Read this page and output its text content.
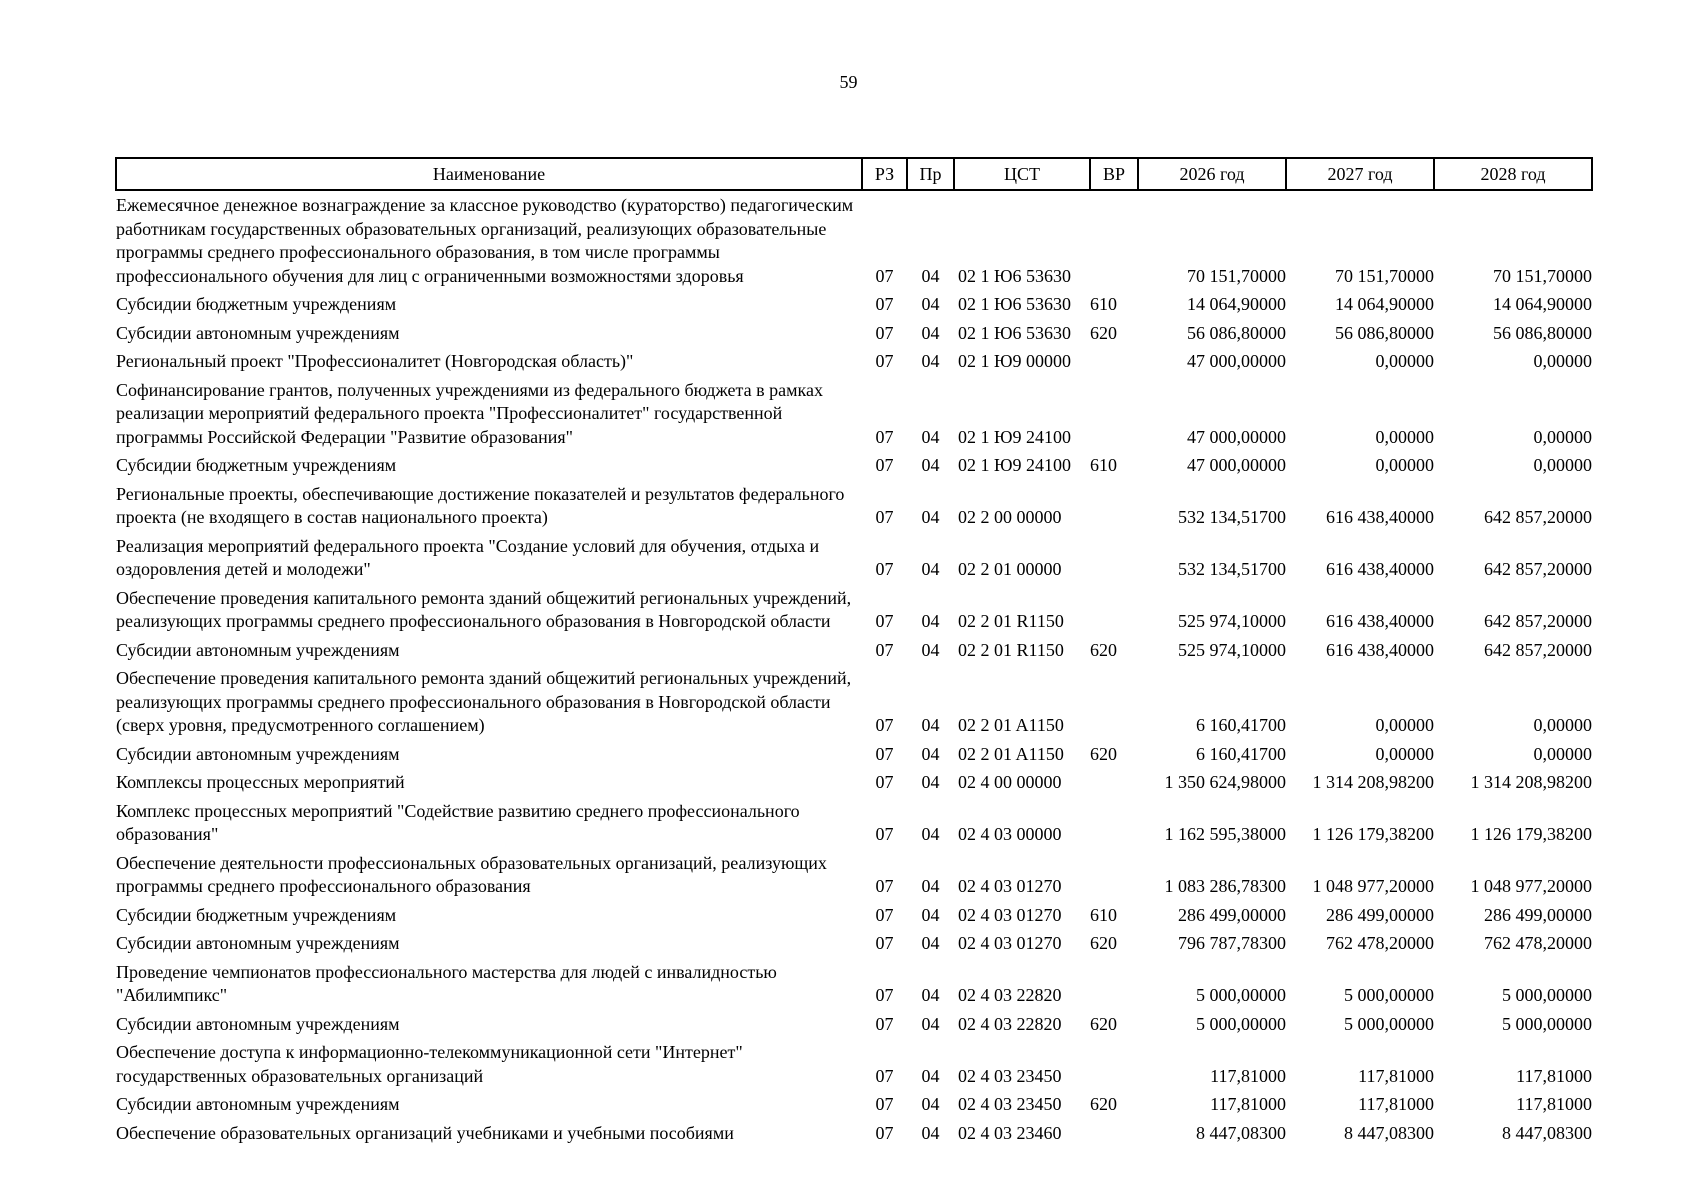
59
Наименование	РЗ	Пр	ЦСТ	ВР	2026 год	2027 год	2028 год
Ежемесячное денежное вознаграждение за классное руководство (кураторство) педагогическим работникам государственных образовательных организаций, реализующих образовательные программы среднего профессионального образования, в том числе программы профессионального обучения для лиц с ограниченными возможностями здоровья	07	04	02 1 Ю6 53630		70 151,70000	70 151,70000	70 151,70000
Субсидии бюджетным учреждениям	07	04	02 1 Ю6 53630	610	14 064,90000	14 064,90000	14 064,90000
Субсидии автономным учреждениям	07	04	02 1 Ю6 53630	620	56 086,80000	56 086,80000	56 086,80000
Региональный проект "Профессионалитет (Новгородская область)"	07	04	02 1 Ю9 00000		47 000,00000	0,00000	0,00000
Софинансирование грантов, полученных учреждениями из федерального бюджета в рамках реализации мероприятий федерального проекта "Профессионалитет" государственной программы Российской Федерации "Развитие образования"	07	04	02 1 Ю9 24100		47 000,00000	0,00000	0,00000
Субсидии бюджетным учреждениям	07	04	02 1 Ю9 24100	610	47 000,00000	0,00000	0,00000
Региональные проекты, обеспечивающие достижение показателей и результатов федерального проекта (не входящего в состав национального проекта)	07	04	02 2 00 00000		532 134,51700	616 438,40000	642 857,20000
Реализация мероприятий федерального проекта "Создание условий для обучения, отдыха и оздоровления детей и молодежи"	07	04	02 2 01 00000		532 134,51700	616 438,40000	642 857,20000
Обеспечение проведения капитального ремонта зданий общежитий региональных учреждений, реализующих программы среднего профессионального образования в Новгородской области	07	04	02 2 01 R1150		525 974,10000	616 438,40000	642 857,20000
Субсидии автономным учреждениям	07	04	02 2 01 R1150	620	525 974,10000	616 438,40000	642 857,20000
Обеспечение проведения капитального ремонта зданий общежитий региональных учреждений, реализующих программы среднего профессионального образования в Новгородской области (сверх уровня, предусмотренного соглашением)	07	04	02 2 01 A1150		6 160,41700	0,00000	0,00000
Субсидии автономным учреждениям	07	04	02 2 01 A1150	620	6 160,41700	0,00000	0,00000
Комплексы процессных мероприятий	07	04	02 4 00 00000		1 350 624,98000	1 314 208,98200	1 314 208,98200
Комплекс процессных мероприятий "Содействие развитию среднего профессионального образования"	07	04	02 4 03 00000		1 162 595,38000	1 126 179,38200	1 126 179,38200
Обеспечение деятельности профессиональных образовательных организаций, реализующих программы среднего профессионального образования	07	04	02 4 03 01270		1 083 286,78300	1 048 977,20000	1 048 977,20000
Субсидии бюджетным учреждениям	07	04	02 4 03 01270	610	286 499,00000	286 499,00000	286 499,00000
Субсидии автономным учреждениям	07	04	02 4 03 01270	620	796 787,78300	762 478,20000	762 478,20000
Проведение чемпионатов профессионального мастерства для людей с инвалидностью "Абилимпикс"	07	04	02 4 03 22820		5 000,00000	5 000,00000	5 000,00000
Субсидии автономным учреждениям	07	04	02 4 03 22820	620	5 000,00000	5 000,00000	5 000,00000
Обеспечение доступа к информационно-телекоммуникационной сети "Интернет" государственных образовательных организаций	07	04	02 4 03 23450		117,81000	117,81000	117,81000
Субсидии автономным учреждениям	07	04	02 4 03 23450	620	117,81000	117,81000	117,81000
Обеспечение образовательных организаций учебниками и учебными пособиями	07	04	02 4 03 23460		8 447,08300	8 447,08300	8 447,08300
